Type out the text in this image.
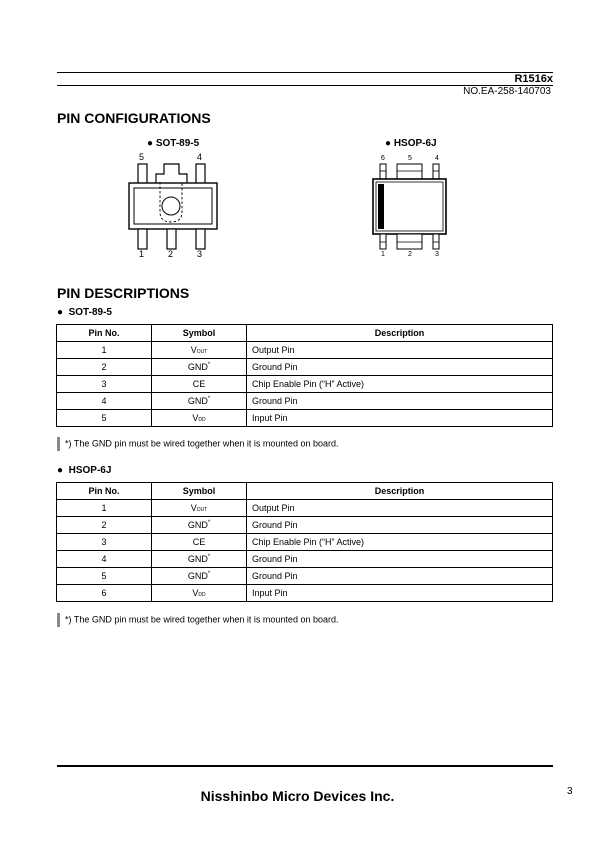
R1516x
NO.EA-258-140703
PIN CONFIGURATIONS
● SOT-89-5
5	4
1	2	3
● HSOP-6J
6	5	4
1	2	3
PIN DESCRIPTIONS
● SOT-89-5
Pin No.	Symbol	Description
1	VOUT	Output Pin
2	GND*	Ground Pin
3	CE	Chip Enable Pin (“H” Active)
4	GND*	Ground Pin
5	VDD	Input Pin
*) The GND pin must be wired together when it is mounted on board.
● HSOP-6J
Pin No.	Symbol	Description
1	VOUT	Output Pin
2	GND*	Ground Pin
3	CE	Chip Enable Pin (“H” Active)
4	GND*	Ground Pin
5	GND*	Ground Pin
6	VDD	Input Pin
*) The GND pin must be wired together when it is mounted on board.
Nisshinbo Micro Devices Inc.	3
